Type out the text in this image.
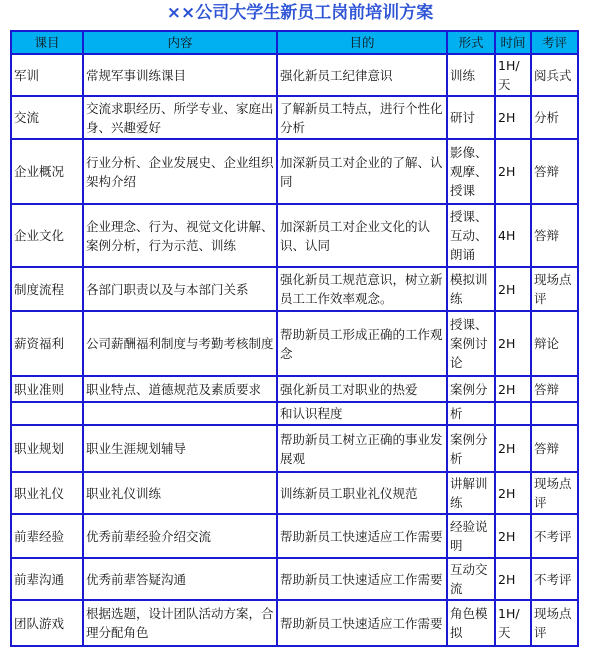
××公司大学生新员工岗前培训方案
课目	内容	目的	形式	时间	考评
军训	常规军事训练课目	强化新员工纪律意识	训练	1H/天	阅兵式
交流	交流求职经历、所学专业、家庭出身、兴趣爱好	了解新员工特点，进行个性化分析	研讨	2H	分析
企业概况	行业分析、企业发展史、企业组织架构介绍	加深新员工对企业的了解、认同	影像、观摩、授课	2H	答辩
企业文化	企业理念、行为、视觉文化讲解、案例分析，行为示范、训练	加深新员工对企业文化的认识、认同	授课、互动、朗诵	4H	答辩
制度流程	各部门职责以及与本部门关系	强化新员工规范意识，树立新员工工作效率观念。	模拟训练	2H	现场点评
薪资福利	公司薪酬福利制度与考勤考核制度	帮助新员工形成正确的工作观念	授课、案例讨论	2H	辩论
职业准则	职业特点、道德规范及素质要求	强化新员工对职业的热爱	案例分	2H	答辩
		和认识程度	析		
职业规划	职业生涯规划辅导	帮助新员工树立正确的事业发展观	案例分析	2H	答辩
职业礼仪	职业礼仪训练	训练新员工职业礼仪规范	讲解训练	2H	现场点评
前辈经验	优秀前辈经验介绍交流	帮助新员工快速适应工作需要	经验说明	2H	不考评
前辈沟通	优秀前辈答疑沟通	帮助新员工快速适应工作需要	互动交流	2H	不考评
团队游戏	根据选题，设计团队活动方案，合理分配角色	帮助新员工快速适应工作需要	角色模拟	1H/天	现场点评
